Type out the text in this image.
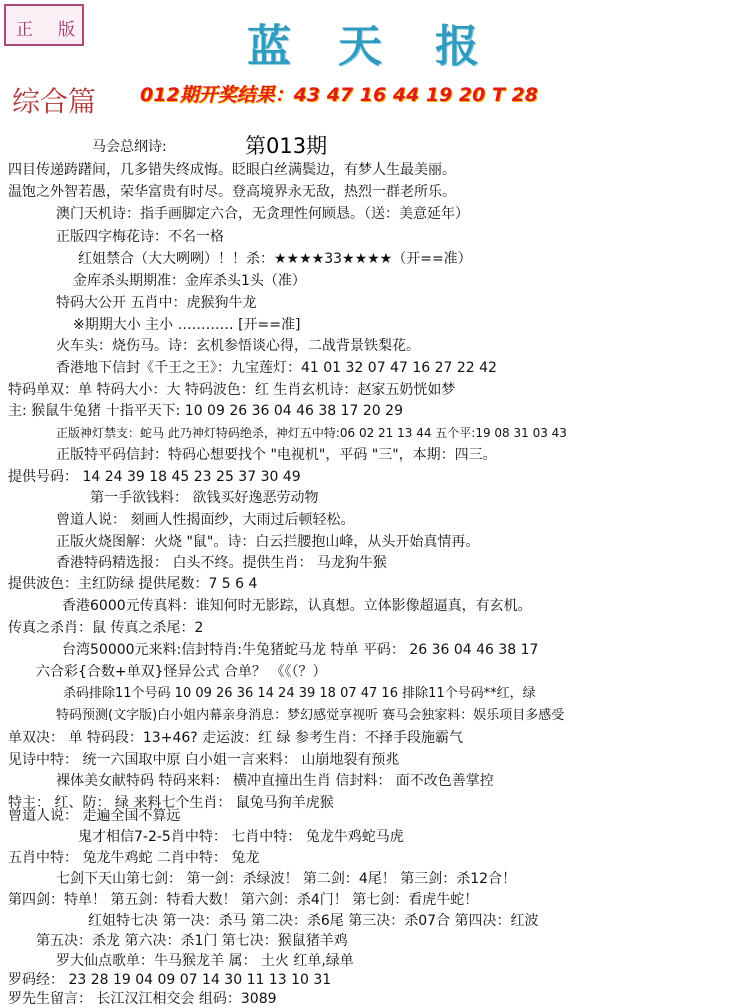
正 版	蓝 天 报
综合篇 012期开奖结果：43 47 16 44 19 20 T 28
第013期
马会总纲诗:
四目传递踌躇间，几多错失终成悔。眨眼白丝满鬓边，有梦人生最美丽。
温饱之外智若愚，荣华富贵有时尽。登高境界永无敌，热烈一群老所乐。
澳门天机诗：指手画脚定六合，无贪理性何顾恳。（送：美意延年）
正版四字梅花诗：不名一格
红姐禁合（大大咧咧）！！杀：★★★★33★★★★（开==准）
金库杀头期期准：金库杀头1头（准）
特码大公开 五肖中：虎猴狗牛龙
※期期大小 主小 ………… [开==准]
火车头：烧伤马。诗：玄机参悟谈心得，二战背景铁梨花。
香港地下信封《千王之王》：九宝莲灯：41 01 32 07 47 16 27 22 42
特码单双：单 特码大小：大 特码波色：红 生肖玄机诗：赵家五奶恍如梦
主: 猴鼠牛兔猪 十指平天下: 10 09 26 36 04 46 38 17 20 29
正版神灯禁支：蛇马 此乃神灯特码绝杀，神灯五中特:06 02 21 13 44 五个平:19 08 31 03 43
正版特平码信封：特码心想要找个 "电视机"，平码 "三"，本期：四三。
提供号码： 14 24 39 18 45 23 25 37 30 49
第一手欲钱料： 欲钱买好逸恶劳动物
曾道人说： 刻画人性揭面纱，大雨过后顿轻松。
正版火烧图解：火烧 "鼠"。诗：白云拦腰抱山峰，从头开始真情再。
香港特码精选报： 白头不终。提供生肖： 马龙狗牛猴
提供波色：主红防绿 提供尾数：7 5 6 4
香港6000元传真料：谁知何时无影踪，认真想。立体影像超逼真，有玄机。
传真之杀肖：鼠 传真之杀尾：2
台湾50000元来料:信封特肖:牛兔猪蛇马龙 特单 平码： 26 36 04 46 38 17
六合彩{合数+单双}怪异公式 合单？ 《《（？）
杀码排除11个号码 10 09 26 36 14 24 39 18 07 47 16 排除11个号码**红，绿
特码预测(文字版)白小姐内幕亲身消息：梦幻感觉享视听 赛马会独家料：娱乐项目多感受
单双决： 单 特码段：13+46? 走运波：红 绿 参考生肖：不择手段施霸气
见诗中特： 统一六国取中原 白小姐一言来料： 山崩地裂有预兆
裸体美女献特码 特码来料： 横冲直撞出生肖 信封料： 面不改色善掌控
特主： 红、防： 绿 来料七个生肖： 鼠兔马狗羊虎猴
曾道人说： 走遍全国不算远
鬼才相信7-2-5肖中特： 七肖中特： 兔龙牛鸡蛇马虎
五肖中特： 兔龙牛鸡蛇 二肖中特： 兔龙
七剑下天山第七剑： 第一剑：杀绿波！ 第二剑：4尾！ 第三剑：杀12合！
第四剑：特单！ 第五剑：特看大数！ 第六剑：杀4门！ 第七剑：看虎牛蛇！
红姐特七决 第一决：杀马 第二决：杀6尾 第三决：杀07合 第四决：红波
第五决：杀龙 第六决：杀1门 第七决：猴鼠猪羊鸡
罗大仙点歌单：牛马猴龙羊 属： 土火 红单,绿单
罗码经： 23 28 19 04 09 07 14 30 11 13 10 31
罗先生留言： 长江汉江相交会 组码：3089
